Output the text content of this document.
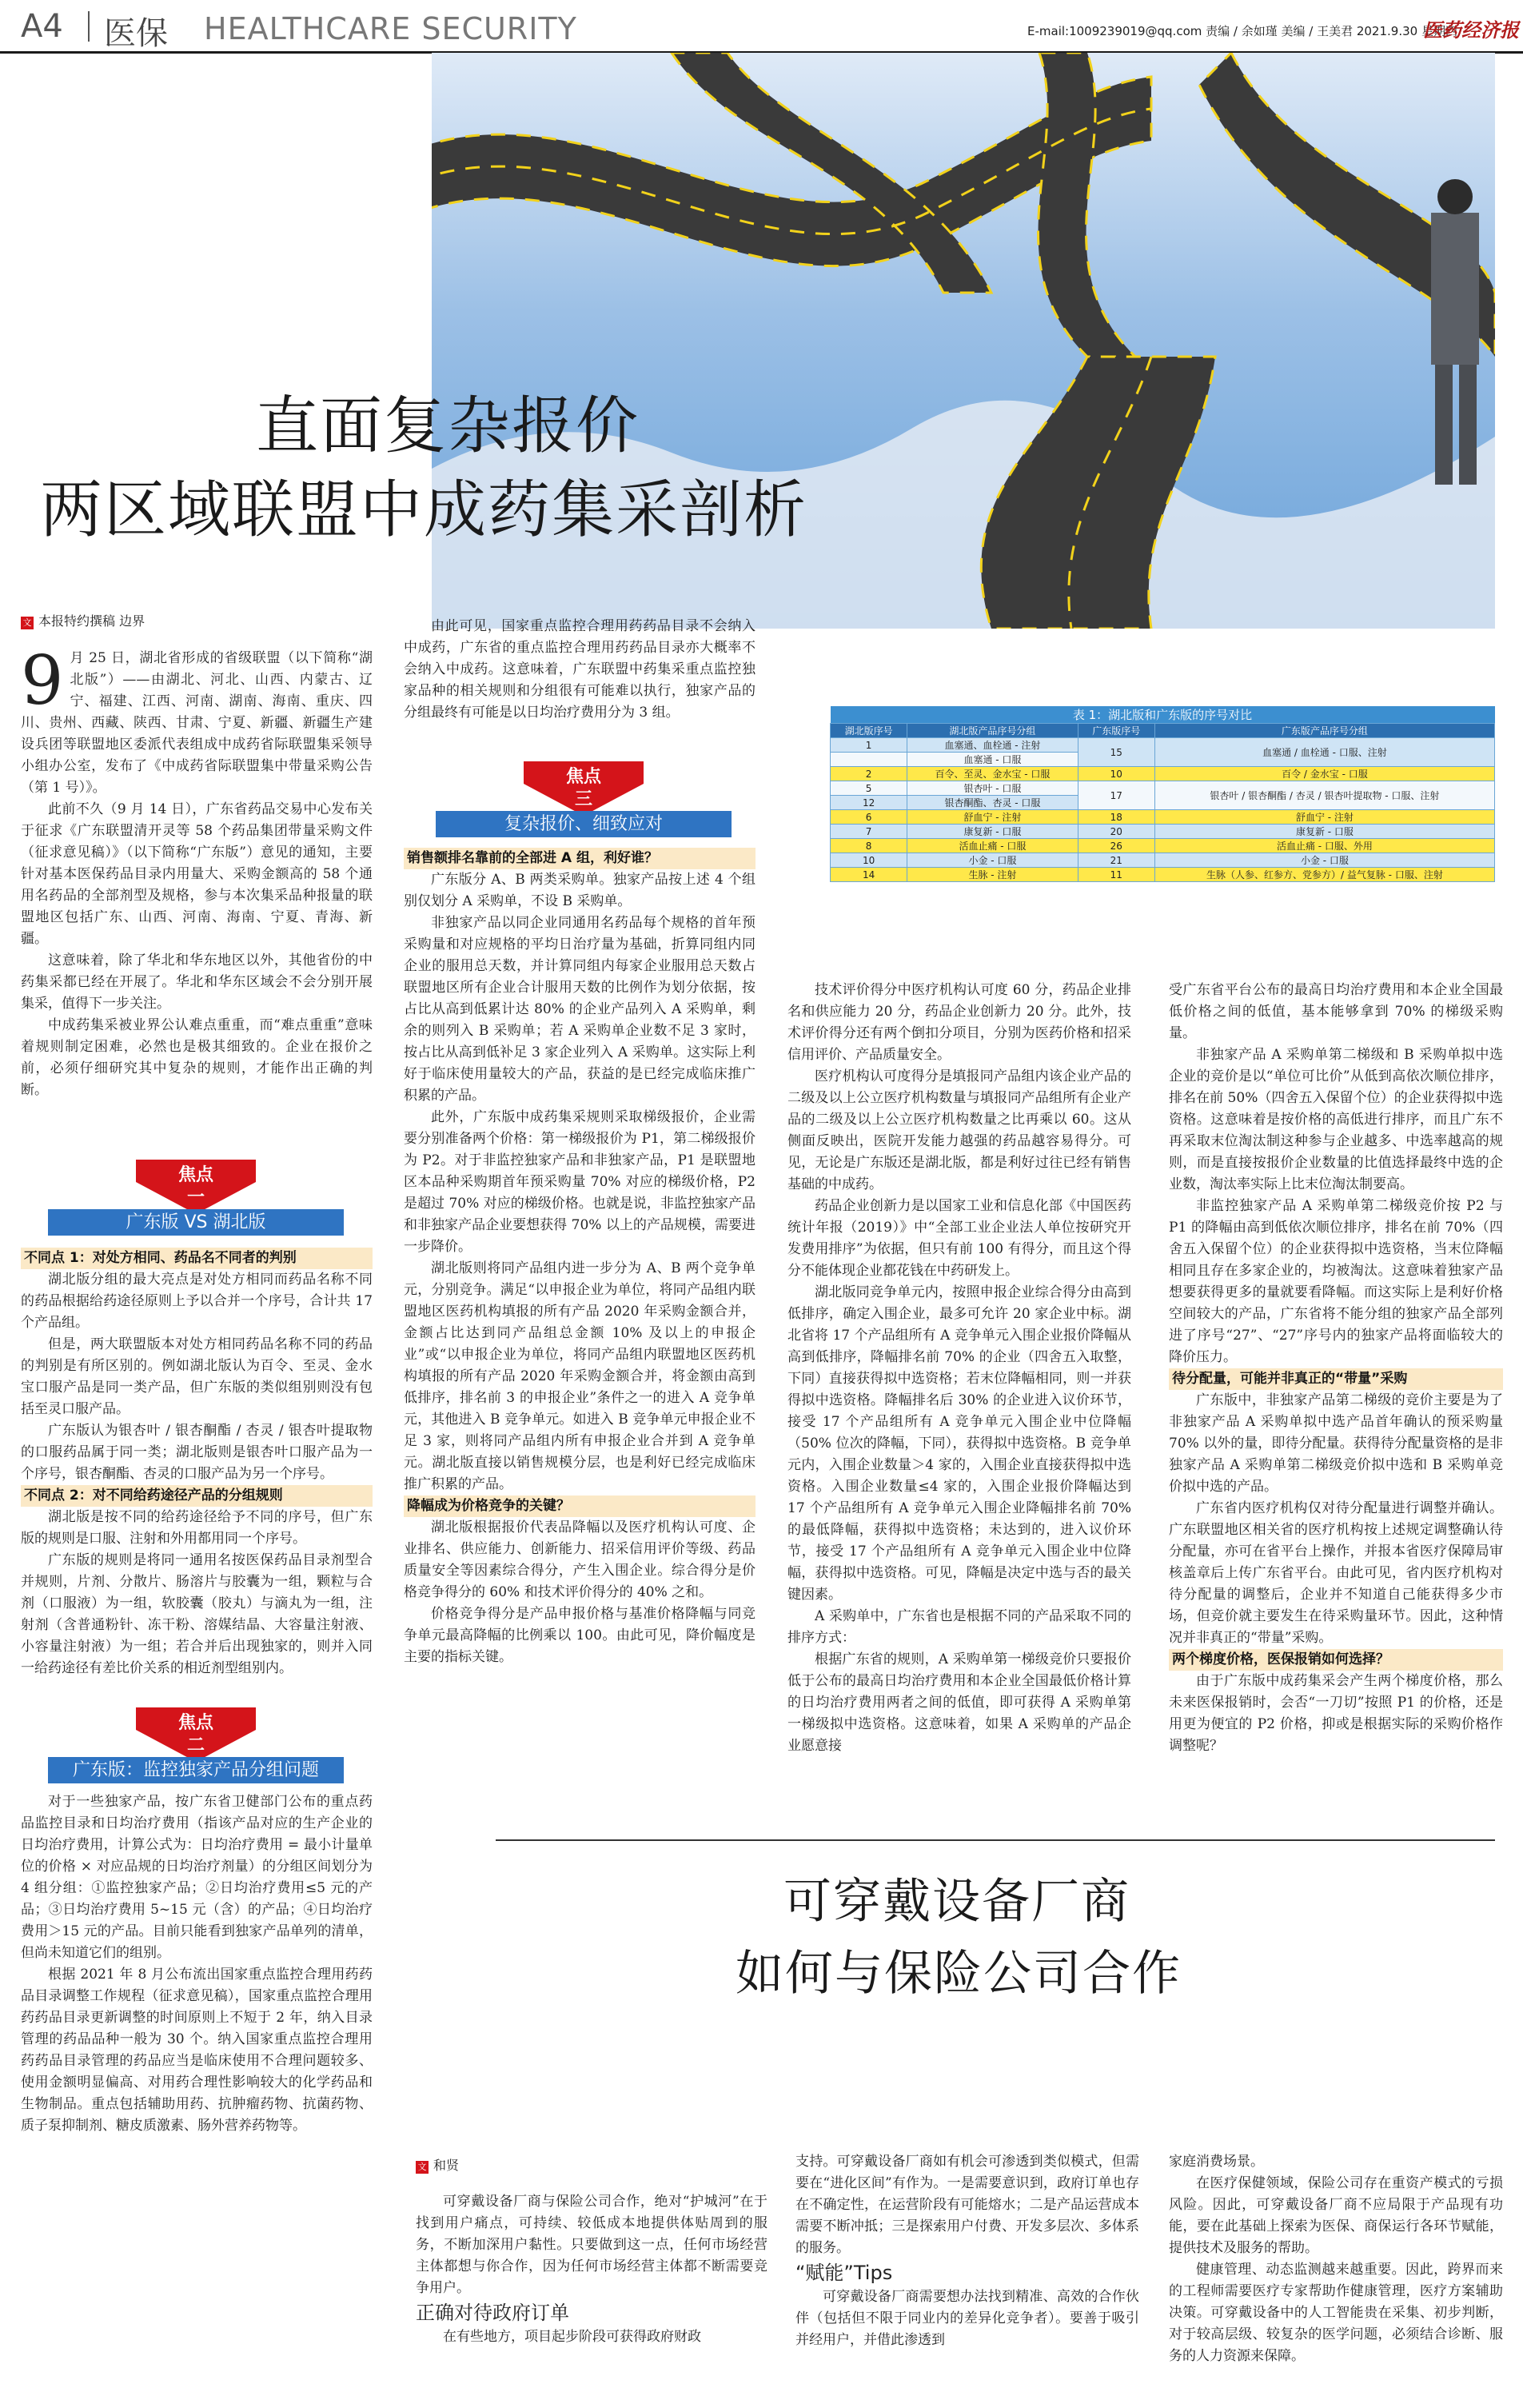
A4 医保 HEALTHCARE SECURITY	E-mail:1009239019@qq.com 责编 / 余如瑾 美编 / 王美君 2021.9.30 星期四
医药经济报
直面复杂报价
两区域联盟中成药集采剖析
文 本报特约撰稿 边界

9 月 25 日，湖北省形成的省级联盟（以下简称“湖北版”）——由湖北、河北、山西、内蒙古、辽宁、福建、江西、河南、湖南、海南、重庆、四川、贵州、西藏、陕西、甘肃、宁夏、新疆、新疆生产建设兵团等联盟地区委派代表组成中成药省际联盟集采领导小组办公室，发布了《中成药省际联盟集中带量采购公告（第 1 号）》。

此前不久（9 月 14 日），广东省药品交易中心发布关于征求《广东联盟清开灵等 58 个药品集团带量采购文件（征求意见稿）》（以下简称“广东版”）意见的通知，主要针对基本医保药品目录内用量大、采购金额高的 58 个通用名药品的全部剂型及规格，参与本次集采品种报量的联盟地区包括广东、山西、河南、海南、宁夏、青海、新疆。

这意味着，除了华北和华东地区以外，其他省份的中药集采都已经在开展了。华北和华东区域会不会分别开展集采，值得下一步关注。

中成药集采被业界公认难点重重，而“难点重重”意味着规则制定困难，必然也是极其细致的。企业在报价之前，必须仔细研究其中复杂的规则，才能作出正确的判断。

焦点
一
广东版 VS 湖北版

不同点 1：对处方相同、药品名不同者的判别

湖北版分组的最大亮点是对处方相同而药品名称不同的药品根据给药途径原则上予以合并一个序号，合计共 17 个产品组。

但是，两大联盟版本对处方相同药品名称不同的药品的判别是有所区别的。例如湖北版认为百令、至灵、金水宝口服产品是同一类产品，但广东版的类似组别则没有包括至灵口服产品。

广东版认为银杏叶 / 银杏酮酯 / 杏灵 / 银杏叶提取物的口服药品属于同一类；湖北版则是银杏叶口服产品为一个序号，银杏酮酯、杏灵的口服产品为另一个序号。

不同点 2：对不同给药途径产品的分组规则

湖北版是按不同的给药途径给予不同的序号，但广东版的规则是口服、注射和外用都用同一个序号。

广东版的规则是将同一通用名按医保药品目录剂型合并规则，片剂、分散片、肠溶片与胶囊为一组，颗粒与合剂（口服液）为一组，软胶囊（胶丸）与滴丸为一组，注射剂（含普通粉针、冻干粉、溶媒结晶、大容量注射液、小容量注射液）为一组；若合并后出现独家的，则并入同一给药途径有差比价关系的相近剂型组别内。

焦点
二
广东版：监控独家产品分组问题

对于一些独家产品，按广东省卫健部门公布的重点药品监控目录和日均治疗费用（指该产品对应的生产企业的日均治疗费用，计算公式为：日均治疗费用 = 最小计量单位的价格 × 对应品规的日均治疗剂量）的分组区间划分为 4 组分组：①监控独家产品；②日均治疗费用≤5 元的产品；③日均治疗费用 5~15 元（含）的产品；④日均治疗费用＞15 元的产品。目前只能看到独家产品单列的清单，但尚未知道它们的组别。

根据 2021 年 8 月公布流出国家重点监控合理用药药品目录调整工作规程（征求意见稿），国家重点监控合理用药药品目录更新调整的时间原则上不短于 2 年，纳入目录管理的药品品种一般为 30 个。纳入国家重点监控合理用药药品目录管理的药品应当是临床使用不合理问题较多、使用金额明显偏高、对用药合理性影响较大的化学药品和生物制品。重点包括辅助用药、抗肿瘤药物、抗菌药物、质子泵抑制剂、糖皮质激素、肠外营养药物等。

由此可见，国家重点监控合理用药药品目录不会纳入中成药，广东省的重点监控合理用药药品目录亦大概率不会纳入中成药。这意味着，广东联盟中药集采重点监控独家品种的相关规则和分组很有可能难以执行，独家产品的分组最终有可能是以日均治疗费用分为 3 组。

焦点
三
复杂报价、细致应对

销售额排名靠前的全部进 A 组，利好谁？

广东版分 A、B 两类采购单。独家产品按上述 4 个组别仅划分 A 采购单，不设 B 采购单。

非独家产品以同企业同通用名药品每个规格的首年预采购量和对应规格的平均日治疗量为基础，折算同组内同企业的服用总天数，并计算同组内每家企业服用总天数占联盟地区所有企业合计服用天数的比例作为划分依据，按占比从高到低累计达 80% 的企业产品列入 A 采购单，剩余的则列入 B 采购单；若 A 采购单企业数不足 3 家时，按占比从高到低补足 3 家企业列入 A 采购单。这实际上利好于临床使用量较大的产品，获益的是已经完成临床推广积累的产品。

此外，广东版中成药集采规则采取梯级报价，企业需要分别准备两个价格：第一梯级报价为 P1，第二梯级报价为 P2。对于非监控独家产品和非独家产品，P1 是联盟地区本品种采购期首年预采购量 70% 对应的梯级价格，P2 是超过 70% 对应的梯级价格。也就是说，非监控独家产品和非独家产品企业要想获得 70% 以上的产品规模，需要进一步降价。

湖北版则将同产品组内进一步分为 A、B 两个竞争单元，分别竞争。满足“以申报企业为单位，将同产品组内联盟地区医药机构填报的所有产品 2020 年采购金额合并，金额占比达到同产品组总金额 10% 及以上的申报企业”或“以申报企业为单位，将同产品组内联盟地区医药机构填报的所有产品 2020 年采购金额合并，将金额由高到低排序，排名前 3 的申报企业”条件之一的进入 A 竞争单元，其他进入 B 竞争单元。如进入 B 竞争单元申报企业不足 3 家，则将同产品组内所有申报企业合并到 A 竞争单元。湖北版直接以销售规模分层，也是利好已经完成临床推广积累的产品。

降幅成为价格竞争的关键？

湖北版根据报价代表品降幅以及医疗机构认可度、企业排名、供应能力、创新能力、招采信用评价等级、药品质量安全等因素综合得分，产生入围企业。综合得分是价格竞争得分的 60% 和技术评价得分的 40% 之和。

价格竞争得分是产品申报价格与基准价格降幅与同竞争单元最高降幅的比例乘以 100。由此可见，降价幅度是主要的指标关键。

表 1：湖北版和广东版的序号对比			
湖北版序号	湖北版产品序号分组	广东版序号	广东版产品序号分组
1	血塞通、血栓通 - 注射	15	血塞通 / 血栓通 - 口服、注射
	血塞通 - 口服		
2	百令、至灵、金水宝 - 口服	10	百令 / 金水宝 - 口服
5	银杏叶 - 口服	17	银杏叶 / 银杏酮酯 / 杏灵 / 银杏叶提取物 - 口服、注射
12	银杏酮酯、杏灵 - 口服		
6	舒血宁 - 注射	18	舒血宁 - 注射
7	康复新 - 口服	20	康复新 - 口服
8	活血止痛 - 口服	26	活血止痛 - 口服、外用
10	小金 - 口服	21	小金 - 口服
14	生脉 - 注射	11	生脉（人参、红参方、党参方）/ 益气复脉 - 口服、注射

技术评价得分中医疗机构认可度 60 分，药品企业排名和供应能力 20 分，药品企业创新力 20 分。此外，技术评价得分还有两个倒扣分项目，分别为医药价格和招采信用评价、产品质量安全。

医疗机构认可度得分是填报同产品组内该企业产品的二级及以上公立医疗机构数量与填报同产品组所有企业产品的二级及以上公立医疗机构数量之比再乘以 60。这从侧面反映出，医院开发能力越强的药品越容易得分。可见，无论是广东版还是湖北版，都是利好过往已经有销售基础的中成药。

药品企业创新力是以国家工业和信息化部《中国医药统计年报（2019）》中“全部工业企业法人单位按研究开发费用排序”为依据，但只有前 100 有得分，而且这个得分不能体现企业都花钱在中药研发上。

湖北版同竞争单元内，按照申报企业综合得分由高到低排序，确定入围企业，最多可允许 20 家企业中标。湖北省将 17 个产品组所有 A 竞争单元入围企业报价降幅从高到低排序，降幅排名前 70% 的企业（四舍五入取整，下同）直接获得拟中选资格；若末位降幅相同，则一并获得拟中选资格。降幅排名后 30% 的企业进入议价环节，接受 17 个产品组所有 A 竞争单元入围企业中位降幅（50% 位次的降幅，下同），获得拟中选资格。B 竞争单元内，入围企业数量＞4 家的，入围企业直接获得拟中选资格。入围企业数量≤4 家的，入围企业报价降幅达到 17 个产品组所有 A 竞争单元入围企业降幅排名前 70% 的最低降幅，获得拟中选资格；未达到的，进入议价环节，接受 17 个产品组所有 A 竞争单元入围企业中位降幅，获得拟中选资格。可见，降幅是决定中选与否的最关键因素。

A 采购单中，广东省也是根据不同的产品采取不同的排序方式：

根据广东省的规则，A 采购单第一梯级竞价只要报价低于公布的最高日均治疗费用和本企业全国最低价格计算的日均治疗费用两者之间的低值，即可获得 A 采购单第一梯级拟中选资格。这意味着，如果 A 采购单的产品企业愿意接

受广东省平台公布的最高日均治疗费用和本企业全国最低价格之间的低值，基本能够拿到 70% 的梯级采购量。

非独家产品 A 采购单第二梯级和 B 采购单拟中选企业的竞价是以“单位可比价”从低到高依次顺位排序，排名在前 50%（四舍五入保留个位）的企业获得拟中选资格。这意味着是按价格的高低进行排序，而且广东不再采取末位淘汰制这种参与企业越多、中选率越高的规则，而是直接按报价企业数量的比值选择最终中选的企业数，淘汰率实际上比末位淘汰制要高。

非监控独家产品 A 采购单第二梯级竞价按 P2 与 P1 的降幅由高到低依次顺位排序，排名在前 70%（四舍五入保留个位）的企业获得拟中选资格，当末位降幅相同且存在多家企业的，均被淘汰。这意味着独家产品想要获得更多的量就要看降幅。而这实际上是利好价格空间较大的产品，广东省将不能分组的独家产品全部列进了序号“27”、“27”序号内的独家产品将面临较大的降价压力。

待分配量，可能并非真正的“带量”采购

广东版中，非独家产品第二梯级的竞价主要是为了非独家产品 A 采购单拟中选产品首年确认的预采购量 70% 以外的量，即待分配量。获得待分配量资格的是非独家产品 A 采购单第二梯级竞价拟中选和 B 采购单竞价拟中选的产品。

广东省内医疗机构仅对待分配量进行调整并确认。广东联盟地区相关省的医疗机构按上述规定调整确认待分配量，亦可在省平台上操作，并报本省医疗保障局审核盖章后上传广东省平台。由此可见，省内医疗机构对待分配量的调整后，企业并不知道自己能获得多少市场，但竞价就主要发生在待采购量环节。因此，这种情况并非真正的“带量”采购。

两个梯度价格，医保报销如何选择？

由于广东版中成药集采会产生两个梯度价格，那么未来医保报销时，会否“一刀切”按照 P1 的价格，还是用更为便宜的 P2 价格，抑或是根据实际的采购价格作调整呢？

可穿戴设备厂商
如何与保险公司合作
文 和贤

可穿戴设备厂商与保险公司合作，绝对“护城河”在于找到用户痛点，可持续、较低成本地提供体贴周到的服务，不断加深用户黏性。只要做到这一点，任何市场经营主体都想与你合作，因为任何市场经营主体都不断需要竞争用户。

正确对待政府订单

在有些地方，项目起步阶段可获得政府财政

支持。可穿戴设备厂商如有机会可渗透到类似模式，但需要在“进化区间”有作为。一是需要意识到，政府订单也存在不确定性，在运营阶段有可能熔水；二是产品运营成本需要不断冲抵；三是探索用户付费、开发多层次、多体系的服务。

“赋能”Tips

可穿戴设备厂商需要想办法找到精准、高效的合作伙伴（包括但不限于同业内的差异化竞争者）。要善于吸引并经用户，并借此渗透到

家庭消费场景。

在医疗保健领域，保险公司存在重资产模式的亏损风险。因此，可穿戴设备厂商不应局限于产品现有功能，要在此基础上探索为医保、商保运行各环节赋能，提供技术及服务的帮助。

健康管理、动态监测越来越重要。因此，跨界而来的工程师需要医疗专家帮助作健康管理，医疗方案辅助决策。可穿戴设备中的人工智能贵在采集、初步判断，对于较高层级、较复杂的医学问题，必须结合诊断、服务的人力资源来保障。
